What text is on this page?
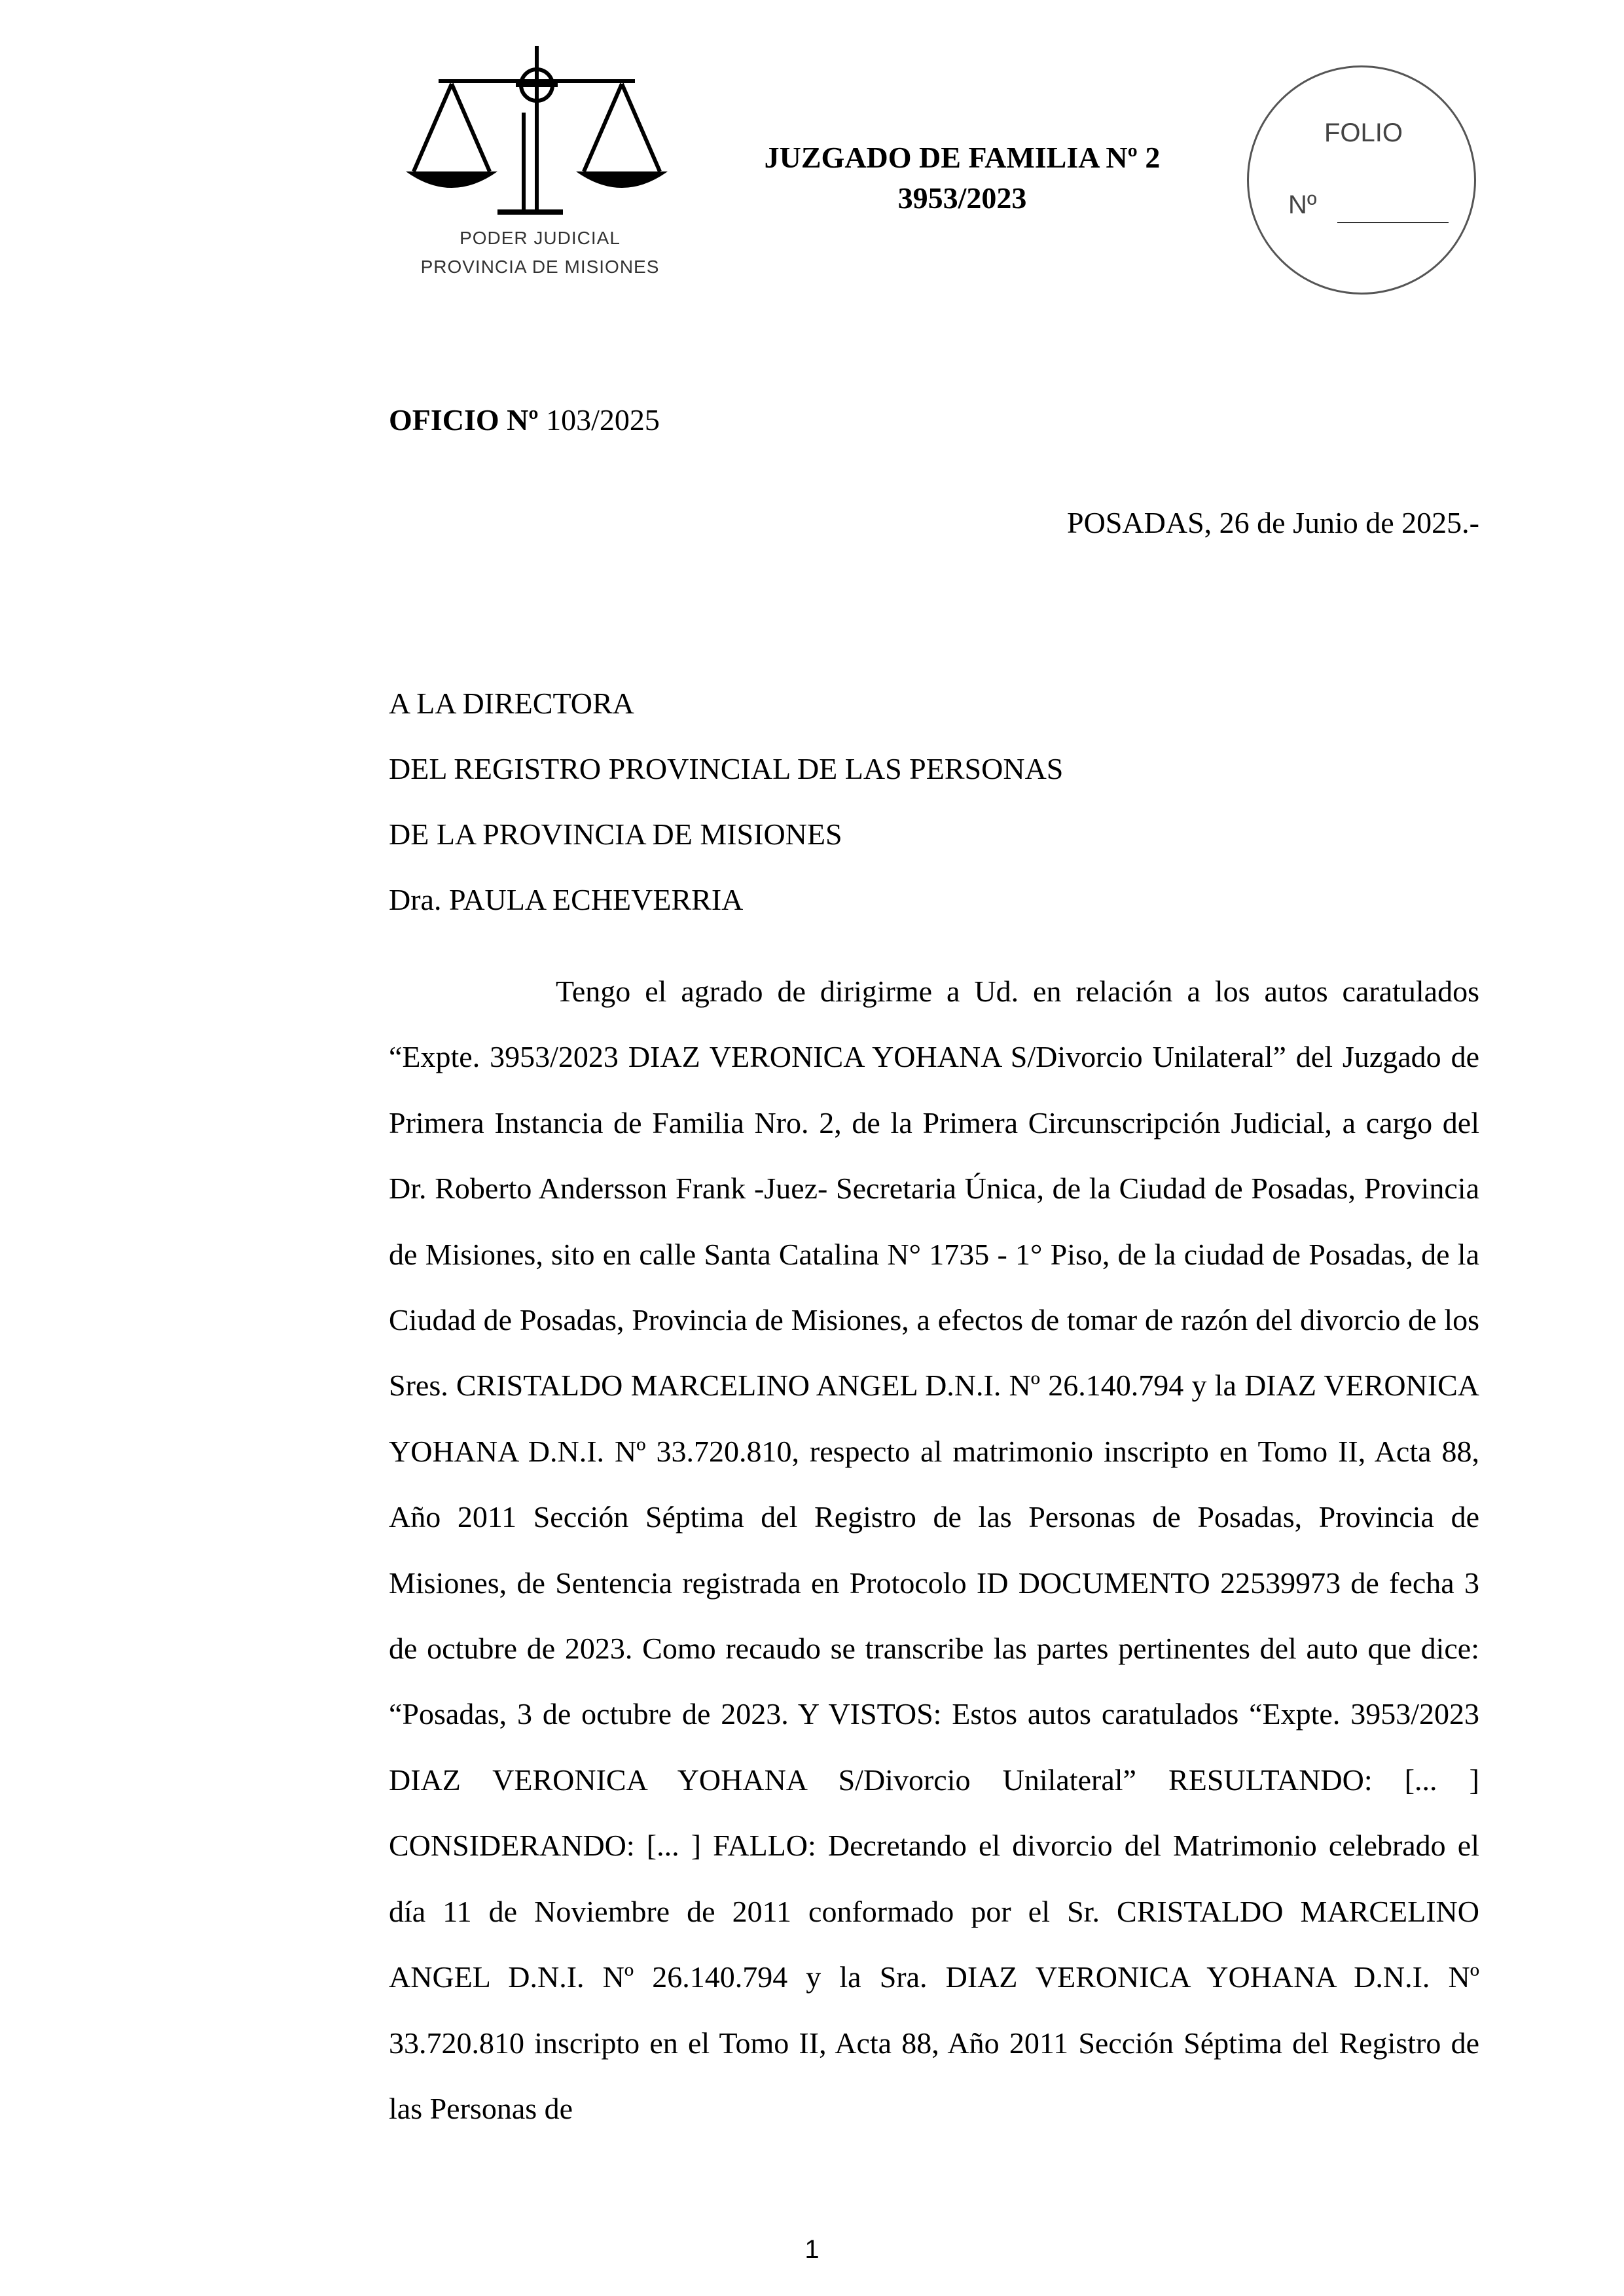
PODER JUDICIAL
PROVINCIA DE MISIONES
JUZGADO DE FAMILIA Nº 2
3953/2023
FOLIO
Nº
OFICIO Nº 103/2025
POSADAS, 26 de Junio de 2025.-
A LA DIRECTORA
DEL REGISTRO PROVINCIAL DE LAS PERSONAS
DE LA PROVINCIA DE MISIONES
Dra. PAULA ECHEVERRIA
Tengo el agrado de dirigirme a Ud. en relación a los autos caratulados “Expte. 3953/2023 DIAZ VERONICA YOHANA S/Divorcio Unilateral” del Juzgado de Primera Instancia de Familia Nro. 2, de la Primera Circunscripción Judicial, a cargo del Dr. Roberto Andersson Frank -Juez- Secretaria Única, de la Ciudad de Posadas, Provincia de Misiones, sito en calle Santa Catalina N° 1735 - 1° Piso, de la ciudad de Posadas, de la Ciudad de Posadas, Provincia de Misiones, a efectos de tomar de razón del divorcio de los Sres. CRISTALDO MARCELINO ANGEL D.N.I. Nº 26.140.794 y la DIAZ VERONICA YOHANA D.N.I. Nº 33.720.810, respecto al matrimonio inscripto en Tomo II, Acta 88, Año 2011 Sección Séptima del Registro de las Personas de Posadas, Provincia de Misiones, de Sentencia registrada en Protocolo ID DOCUMENTO 22539973 de fecha 3 de octubre de 2023. Como recaudo se transcribe las partes pertinentes del auto que dice: “Posadas, 3 de octubre de 2023. Y VISTOS: Estos autos caratulados “Expte. 3953/2023 DIAZ VERONICA YOHANA S/Divorcio Unilateral” RESULTANDO: [... ] CONSIDERANDO: [... ] FALLO: Decretando el divorcio del Matrimonio celebrado el día 11 de Noviembre de 2011 conformado por el Sr. CRISTALDO MARCELINO ANGEL D.N.I. Nº 26.140.794 y la Sra. DIAZ VERONICA YOHANA D.N.I. Nº 33.720.810 inscripto en el Tomo II, Acta 88, Año 2011 Sección Séptima del Registro de las Personas de
1
